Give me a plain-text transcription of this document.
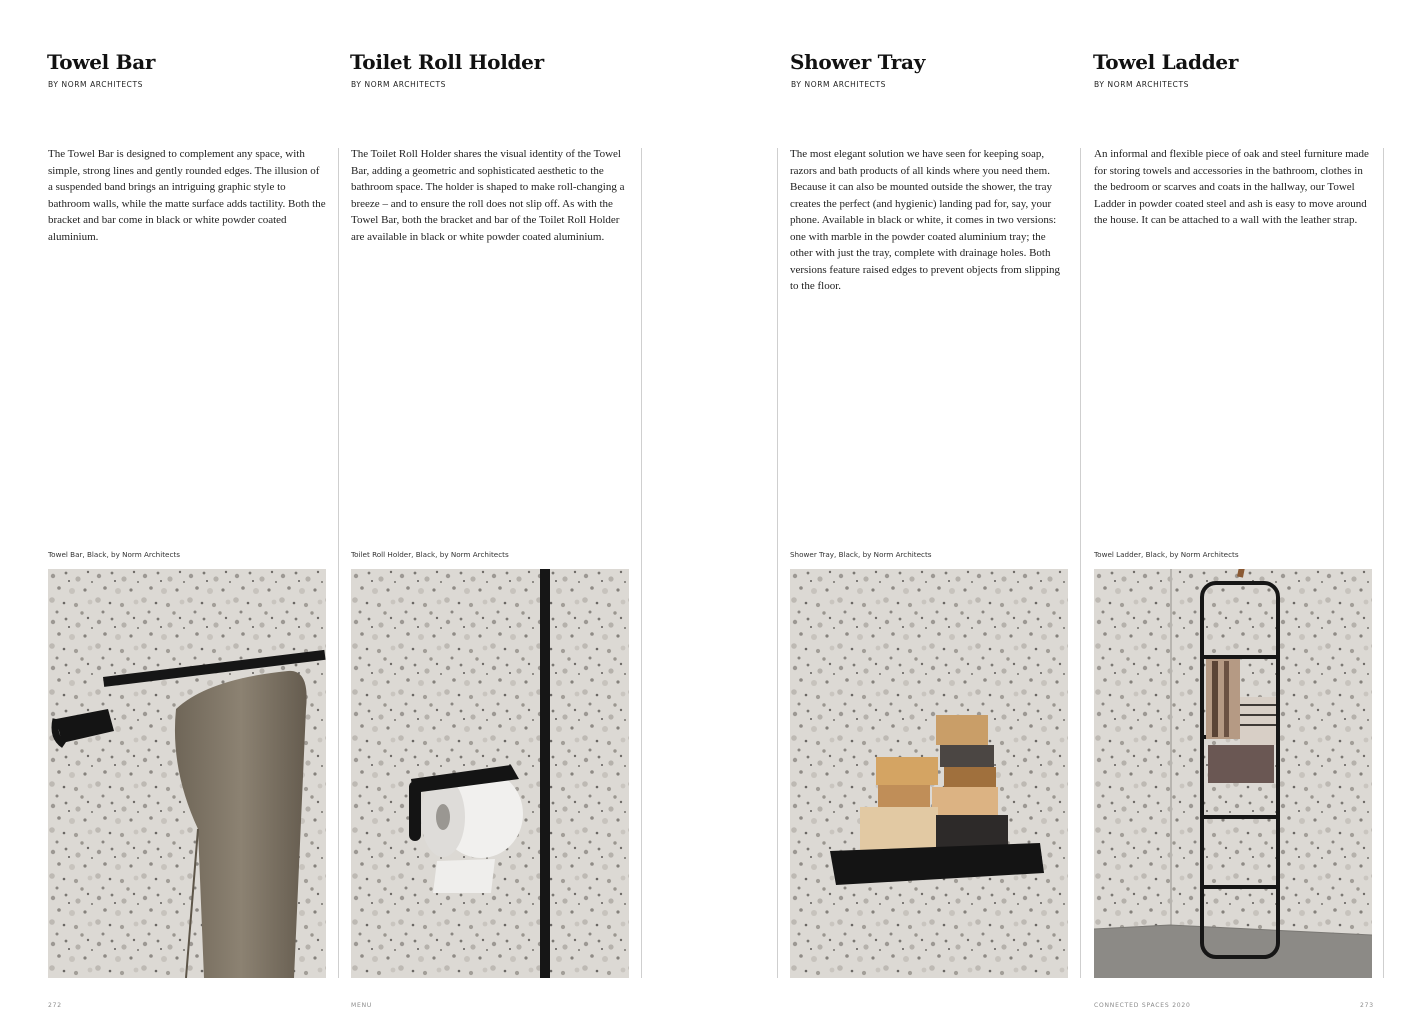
Towel Bar
BY NORM ARCHITECTS
The Towel Bar is designed to complement any space, with simple, strong lines and gently rounded edges. The illusion of a suspended band brings an intriguing graphic style to bathroom walls, while the matte surface adds tactility. Both the bracket and bar come in black or white powder coated aluminium.
Towel Bar, Black, by Norm Architects
Toilet Roll Holder
BY NORM ARCHITECTS
The Toilet Roll Holder shares the visual identity of the Towel Bar, adding a geometric and sophisticated aesthetic to the bathroom space. The holder is shaped to make roll-changing a breeze – and to ensure the roll does not slip off. As with the Towel Bar, both the bracket and bar of the Toilet Roll Holder are available in black or white powder coated aluminium.
Toilet Roll Holder, Black, by Norm Architects
Shower Tray
BY NORM ARCHITECTS
The most elegant solution we have seen for keeping soap, razors and bath products of all kinds where you need them. Because it can also be mounted outside the shower, the tray creates the perfect (and hygienic) landing pad for, say, your phone. Available in black or white, it comes in two versions: one with marble in the powder coated aluminium tray; the other with just the tray, complete with drainage holes. Both versions feature raised edges to prevent objects from slipping to the floor.
Shower Tray, Black, by Norm Architects
Towel Ladder
BY NORM ARCHITECTS
An informal and flexible piece of oak and steel furniture made for storing towels and accessories in the bathroom, clothes in the bedroom or scarves and coats in the hallway, our Towel Ladder in powder coated steel and ash is easy to move around the house. It can be attached to a wall with the leather strap.
Towel Ladder, Black, by Norm Architects
272	MENU	CONNECTED SPACES 2020	273
